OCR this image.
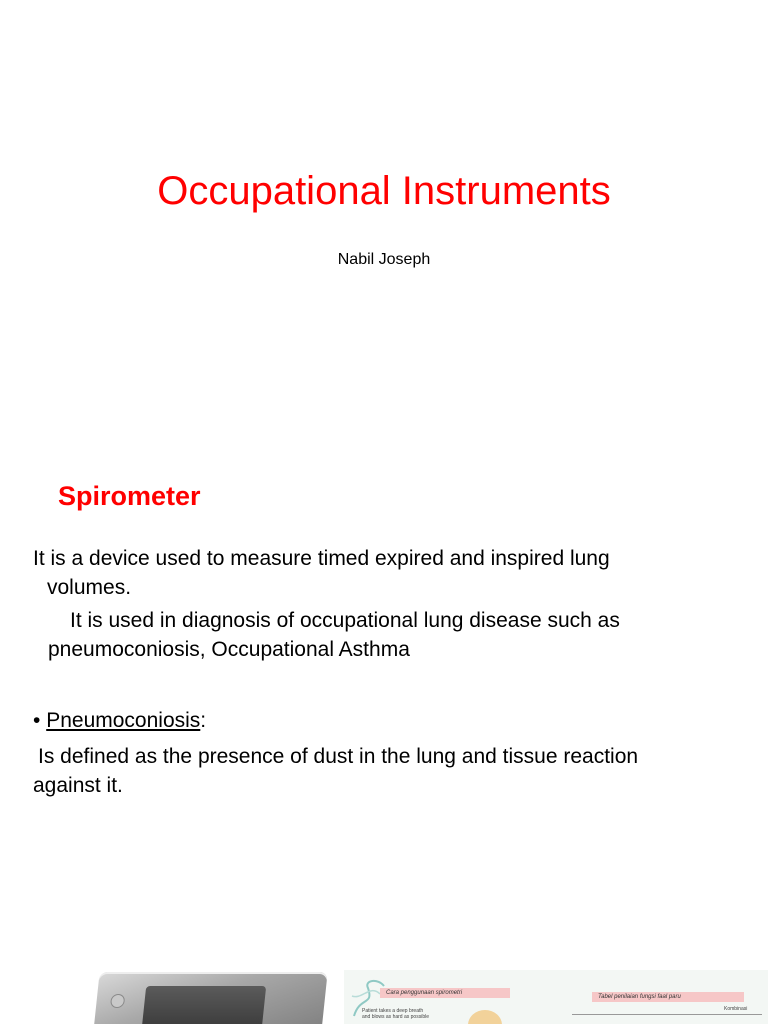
Occupational Instruments
Nabil Joseph
Spirometer
It is a device used to measure timed expired and inspired lung
volumes.
It is used in diagnosis of occupational lung disease such as
pneumoconiosis, Occupational Asthma
• Pneumoconiosis:
Is defined as the presence of dust in the lung and tissue reaction
against it.
Cara penggunaan spirometri
Tabel penilaian fungsi faal paru
Patient takes a deep breath and blows as hard as possible
Kombinasi
